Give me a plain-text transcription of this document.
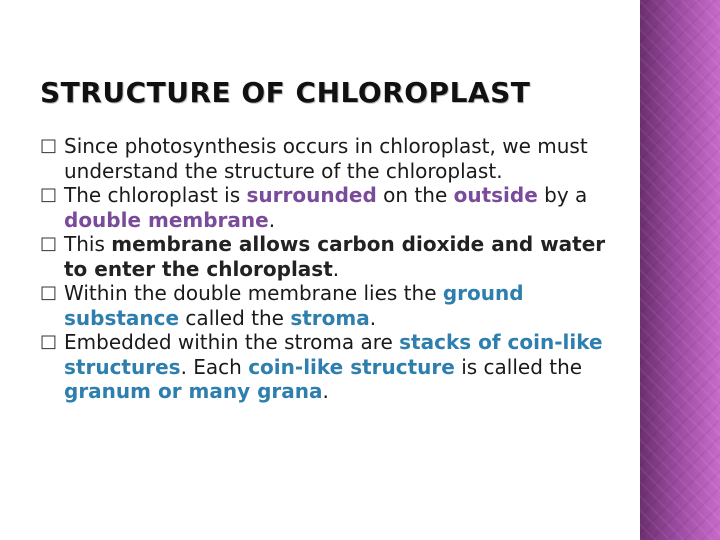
STRUCTURE OF CHLOROPLAST
□ Since photosynthesis occurs in chloroplast, we must understand the structure of the chloroplast.
□ The chloroplast is surrounded on the outside by a double membrane.
□ This membrane allows carbon dioxide and water to enter the chloroplast.
□ Within the double membrane lies the ground substance called the stroma.
□ Embedded within the stroma are stacks of coin-like structures. Each coin-like structure is called the granum or many grana.
